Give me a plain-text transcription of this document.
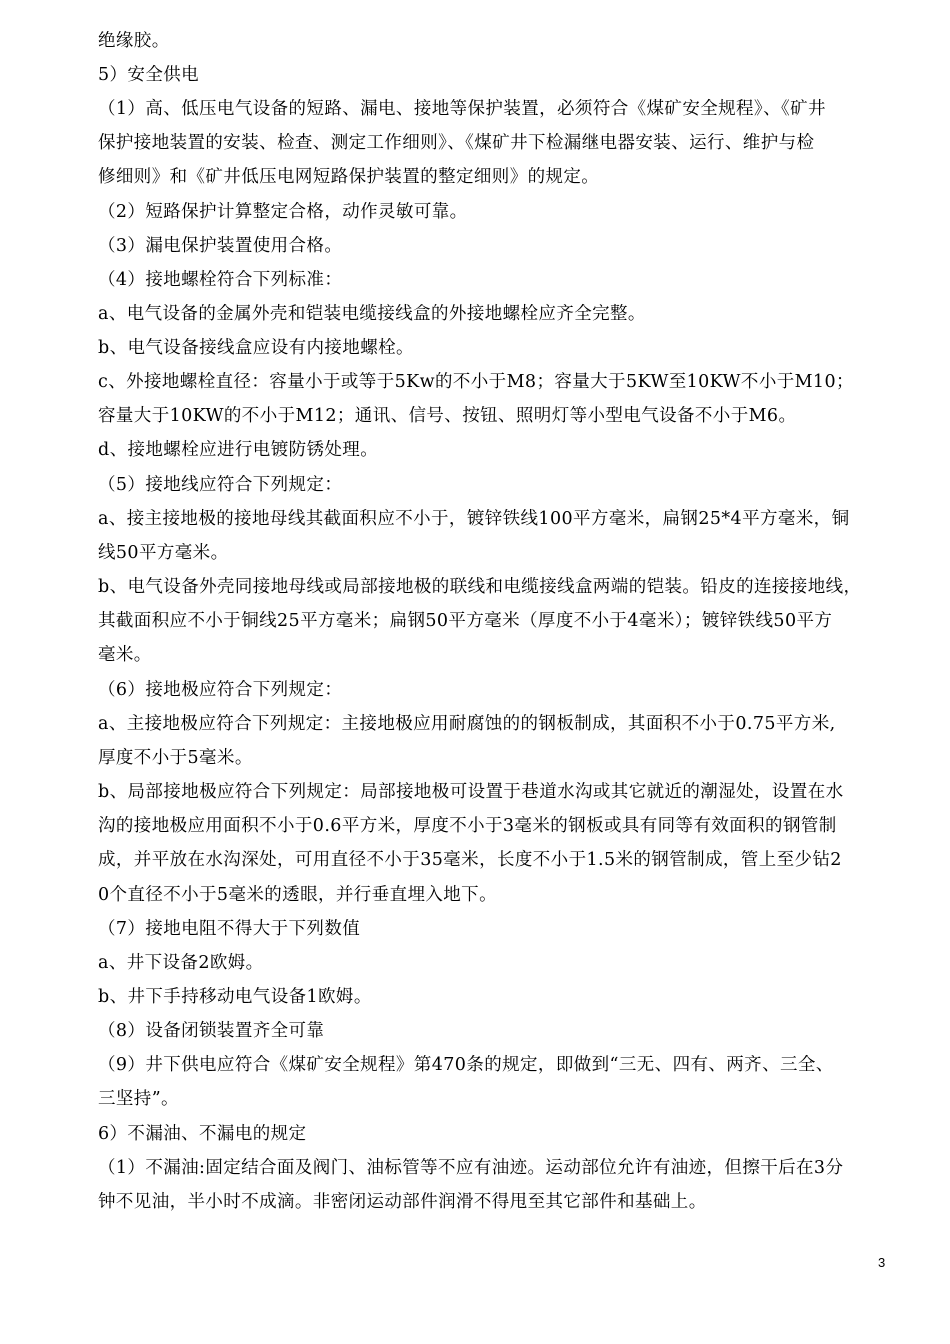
绝缘胶。
5）安全供电
（1）高、低压电气设备的短路、漏电、接地等保护装置，必须符合《煤矿安全规程》、《矿井
保护接地装置的安装、检查、测定工作细则》、《煤矿井下检漏继电器安装、运行、维护与检
修细则》和《矿井低压电网短路保护装置的整定细则》的规定。
（2）短路保护计算整定合格，动作灵敏可靠。
（3）漏电保护装置使用合格。
（4）接地螺栓符合下列标准：
a、电气设备的金属外壳和铠装电缆接线盒的外接地螺栓应齐全完整。
b、电气设备接线盒应设有内接地螺栓。
c、外接地螺栓直径：容量小于或等于5Kw的不小于M8；容量大于5KW至10KW不小于M10；
容量大于10KW的不小于M12；通讯、信号、按钮、照明灯等小型电气设备不小于M6。
d、接地螺栓应进行电镀防锈处理。
（5）接地线应符合下列规定：
a、接主接地极的接地母线其截面积应不小于，镀锌铁线100平方毫米，扁钢25*4平方毫米，铜
线50平方毫米。
b、电气设备外壳同接地母线或局部接地极的联线和电缆接线盒两端的铠装。铅皮的连接接地线，
其截面积应不小于铜线25平方毫米；扁钢50平方毫米（厚度不小于4毫米）；镀锌铁线50平方
毫米。
（6）接地极应符合下列规定：
a、主接地极应符合下列规定：主接地极应用耐腐蚀的的钢板制成，其面积不小于0.75平方米,
厚度不小于5毫米。
b、局部接地极应符合下列规定：局部接地极可设置于巷道水沟或其它就近的潮湿处，设置在水
沟的接地极应用面积不小于0.6平方米，厚度不小于3毫米的钢板或具有同等有效面积的钢管制
成，并平放在水沟深处，可用直径不小于35毫米，长度不小于1.5米的钢管制成，管上至少钻2
0个直径不小于5毫米的透眼，并行垂直埋入地下。
（7）接地电阻不得大于下列数值
a、井下设备2欧姆。
b、井下手持移动电气设备1欧姆。
（8）设备闭锁装置齐全可靠
（9）井下供电应符合《煤矿安全规程》第470条的规定，即做到“三无、四有、两齐、三全、
三坚持”。
6）不漏油、不漏电的规定
（1）不漏油:固定结合面及阀门、油标管等不应有油迹。运动部位允许有油迹，但擦干后在3分
钟不见油，半小时不成滴。非密闭运动部件润滑不得甩至其它部件和基础上。
3
